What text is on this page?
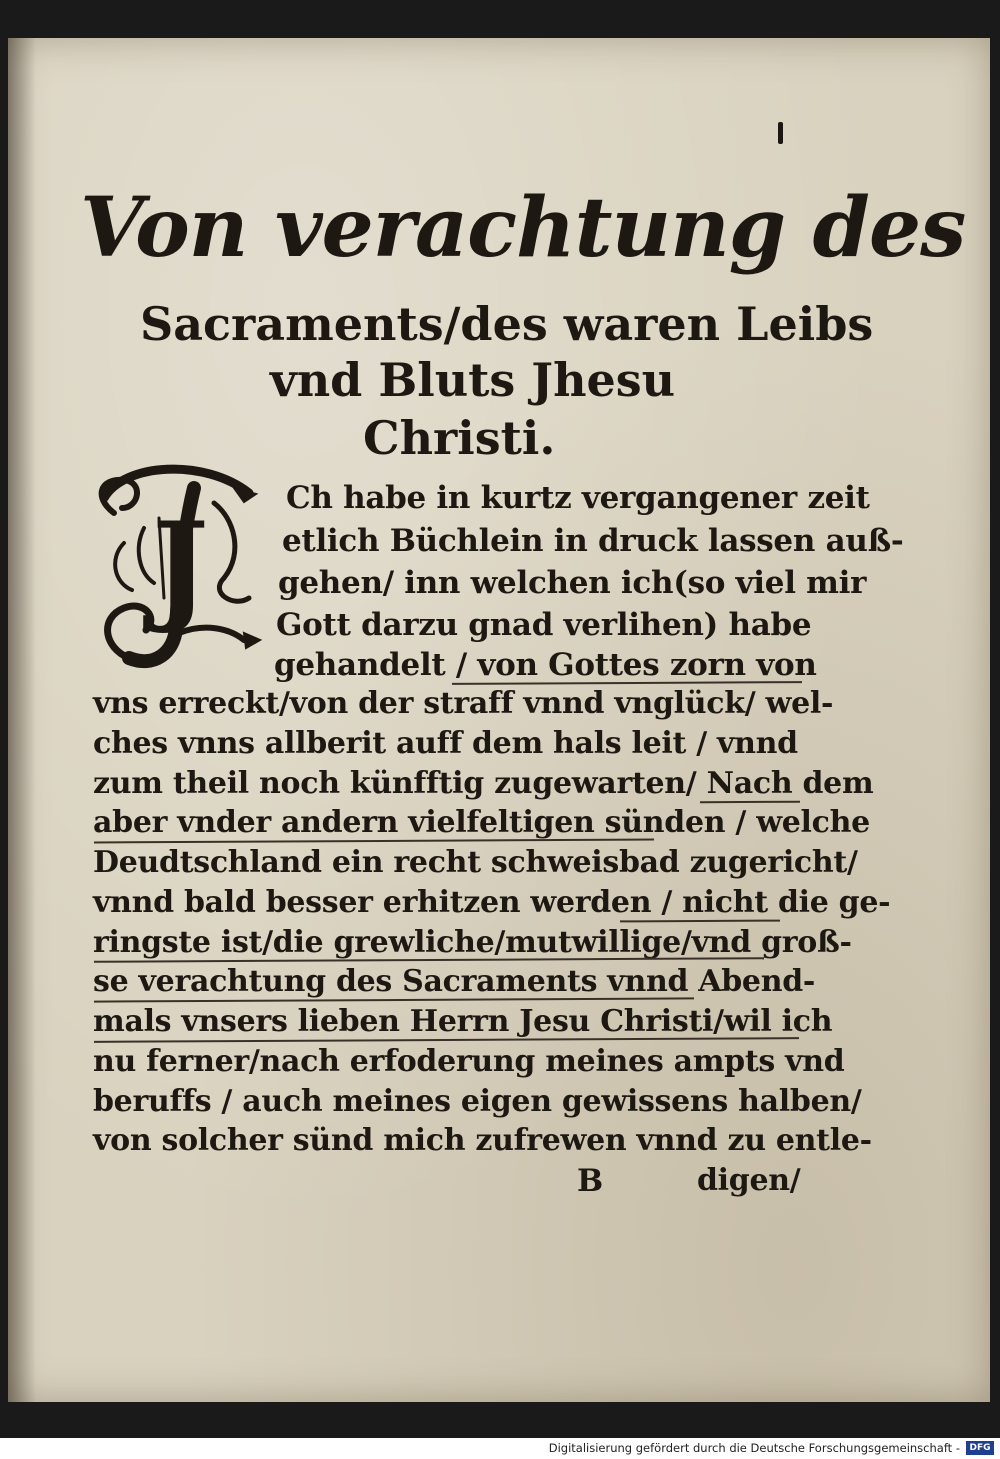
Von verachtung des
Sacraments/des waren Leibs
vnd Bluts Jhesu
Christi.
J Ch habe in kurtz vergangener zeit
etlich Büchlein in druck lassen auß-
gehen/ inn welchen ich(so viel mir
Gott darzu gnad verlihen) habe
gehandelt / von Gottes zorn von
vns erreckt/von der straff vnnd vnglück/ wel-
ches vnns allberit auff dem hals leit / vnnd
zum theil noch künfftig zugewarten/ Nach dem
aber vnder andern vielfeltigen sünden / welche
Deudtschland ein recht schweisbad zugericht/
vnnd bald besser erhitzen werden / nicht die ge-
ringste ist/die grewliche/mutwillige/vnd groß-
se verachtung des Sacraments vnnd Abend-
mals vnsers lieben Herrn Jesu Christi/wil ich
nu ferner/nach erfoderung meines ampts vnd
beruffs / auch meines eigen gewissens halben/
von solcher sünd mich zufrewen vnnd zu entle-
B	digen/
Digitalisierung gefördert durch die Deutsche Forschungsgemeinschaft -	DFG
